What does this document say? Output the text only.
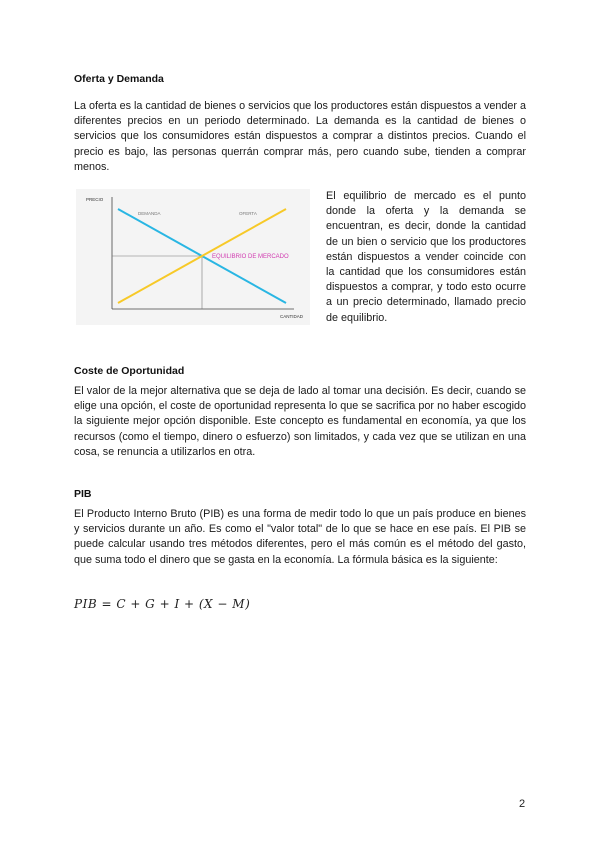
Oferta y Demanda

La oferta es la cantidad de bienes o servicios que los productores están dispuestos a vender a diferentes precios en un periodo determinado. La demanda es la cantidad de bienes o servicios que los consumidores están dispuestos a comprar a distintos precios. Cuando el precio es bajo, las personas querrán comprar más, pero cuando sube, tienden a comprar menos.

PRECIO
CANTIDAD
DEMANDA	OFERTA
EQUILIBRIO DE MERCADO

El equilibrio de mercado es el punto donde la oferta y la demanda se encuentran, es decir, donde la cantidad de un bien o servicio que los productores están dispuestos a vender coincide con la cantidad que los consumidores están dispuestos a comprar, y todo esto ocurre a un precio determinado, llamado precio de equilibrio.

Coste de Oportunidad

El valor de la mejor alternativa que se deja de lado al tomar una decisión. Es decir, cuando se elige una opción, el coste de oportunidad representa lo que se sacrifica por no haber escogido la siguiente mejor opción disponible. Este concepto es fundamental en economía, ya que los recursos (como el tiempo, dinero o esfuerzo) son limitados, y cada vez que se utilizan en una cosa, se renuncia a utilizarlos en otra.

PIB

El Producto Interno Bruto (PIB) es una forma de medir todo lo que un país produce en bienes y servicios durante un año. Es como el "valor total" de lo que se hace en ese país. El PIB se puede calcular usando tres métodos diferentes, pero el más común es el método del gasto, que suma todo el dinero que se gasta en la economía. La fórmula básica es la siguiente:

PIB = C + G + I + (X − M)
2
